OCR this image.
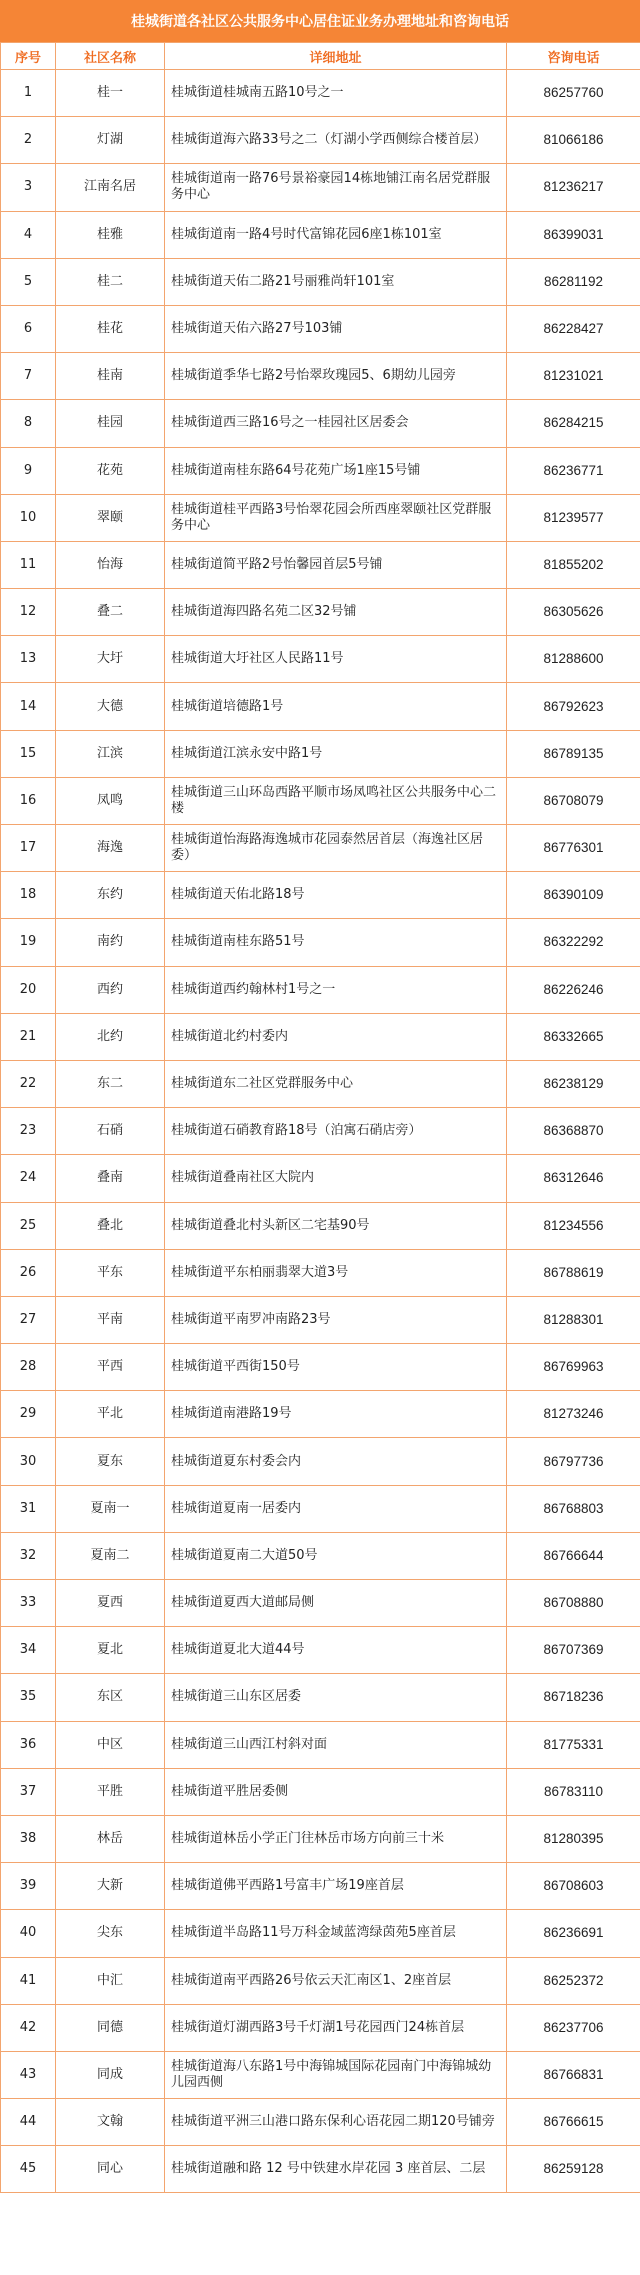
桂城街道各社区公共服务中心居住证业务办理地址和咨询电话
序号	社区名称	详细地址	咨询电话
1	桂一	桂城街道桂城南五路10号之一	86257760
2	灯湖	桂城街道海六路33号之二（灯湖小学西侧综合楼首层）	81066186
3	江南名居	桂城街道南一路76号景裕豪园14栋地铺江南名居党群服务中心	81236217
4	桂雅	桂城街道南一路4号时代富锦花园6座1栋101室	86399031
5	桂二	桂城街道天佑二路21号丽雅尚轩101室	86281192
6	桂花	桂城街道天佑六路27号103铺	86228427
7	桂南	桂城街道季华七路2号怡翠玫瑰园5、6期幼儿园旁	81231021
8	桂园	桂城街道西三路16号之一桂园社区居委会	86284215
9	花苑	桂城街道南桂东路64号花苑广场1座15号铺	86236771
10	翠颐	桂城街道桂平西路3号怡翠花园会所西座翠颐社区党群服务中心	81239577
11	怡海	桂城街道简平路2号怡馨园首层5号铺	81855202
12	叠二	桂城街道海四路名苑二区32号铺	86305626
13	大圩	桂城街道大圩社区人民路11号	81288600
14	大德	桂城街道培德路1号	86792623
15	江滨	桂城街道江滨永安中路1号	86789135
16	凤鸣	桂城街道三山环岛西路平顺市场凤鸣社区公共服务中心二楼	86708079
17	海逸	桂城街道怡海路海逸城市花园泰然居首层（海逸社区居委）	86776301
18	东约	桂城街道天佑北路18号	86390109
19	南约	桂城街道南桂东路51号	86322292
20	西约	桂城街道西约翰林村1号之一	86226246
21	北约	桂城街道北约村委内	86332665
22	东二	桂城街道东二社区党群服务中心	86238129
23	石硝	桂城街道石硝教育路18号（泊寓石硝店旁）	86368870
24	叠南	桂城街道叠南社区大院内	86312646
25	叠北	桂城街道叠北村头新区二宅基90号	81234556
26	平东	桂城街道平东柏丽翡翠大道3号	86788619
27	平南	桂城街道平南罗冲南路23号	81288301
28	平西	桂城街道平西街150号	86769963
29	平北	桂城街道南港路19号	81273246
30	夏东	桂城街道夏东村委会内	86797736
31	夏南一	桂城街道夏南一居委内	86768803
32	夏南二	桂城街道夏南二大道50号	86766644
33	夏西	桂城街道夏西大道邮局侧	86708880
34	夏北	桂城街道夏北大道44号	86707369
35	东区	桂城街道三山东区居委	86718236
36	中区	桂城街道三山西江村斜对面	81775331
37	平胜	桂城街道平胜居委侧	86783110
38	林岳	桂城街道林岳小学正门往林岳市场方向前三十米	81280395
39	大新	桂城街道佛平西路1号富丰广场19座首层	86708603
40	尖东	桂城街道半岛路11号万科金域蓝湾绿茵苑5座首层	86236691
41	中汇	桂城街道南平西路26号依云天汇南区1、2座首层	86252372
42	同德	桂城街道灯湖西路3号千灯湖1号花园西门24栋首层	86237706
43	同成	桂城街道海八东路1号中海锦城国际花园南门中海锦城幼儿园西侧	86766831
44	文翰	桂城街道平洲三山港口路东保利心语花园二期120号铺旁	86766615
45	同心	桂城街道融和路 12 号中铁建水岸花园 3 座首层、二层	86259128
